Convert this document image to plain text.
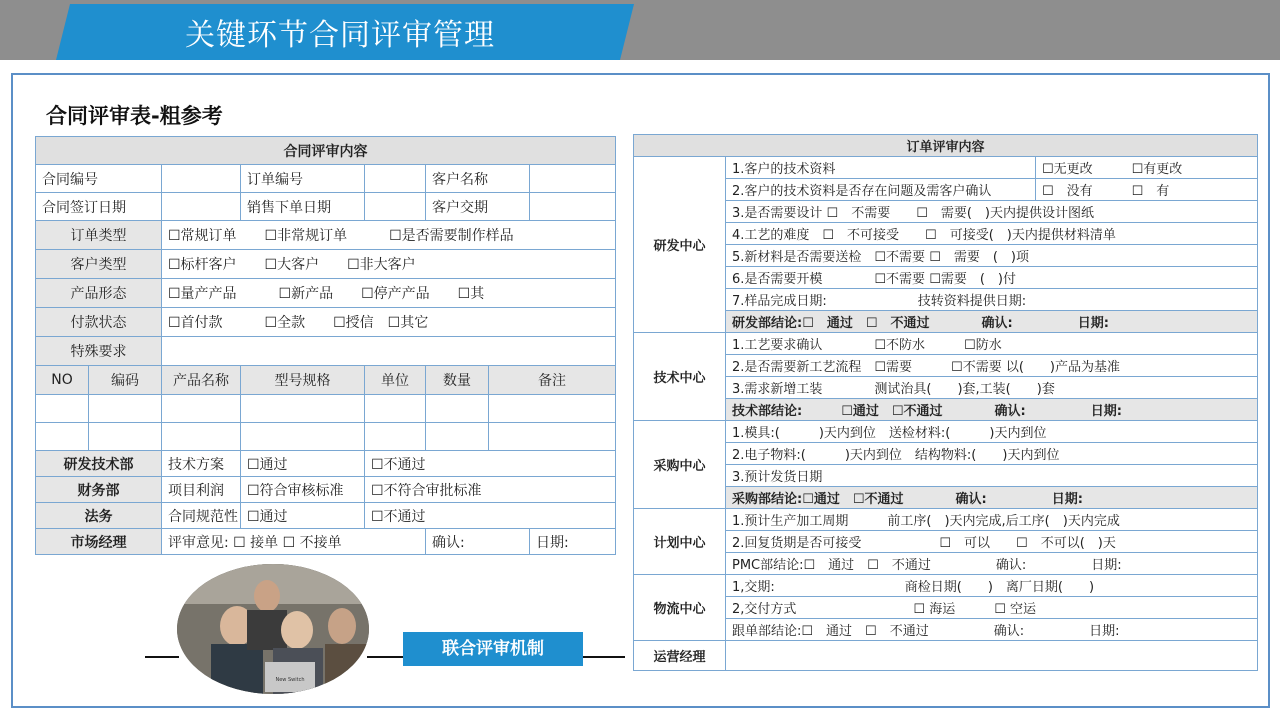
关键环节合同评审管理
合同评审表-粗参考
合同评审内容							
合同编号			订单编号		客户名称		
合同签订日期			销售下单日期		客户交期		
订单类型		☐常规订单　　☐非常规订单　　　☐是否需要制作样品					
客户类型		☐标杆客户　　☐大客户　　☐非大客户					
产品形态		☐量产产品　　　☐新产品　　☐停产产品　　☐其					
付款状态		☐首付款　　　☐全款　　☐授信　☐其它					
特殊要求							
NO	编码	产品名称	型号规格	单位	数量	备注	

研发技术部		技术方案	☐通过	☐不通过			
财务部		项目利润	☐符合审核标准	☐不符合审批标准			
法务		合同规范性	☐通过	☐不通过			
市场经理		评审意见: ☐ 接单 ☐ 不接单			确认:		日期:
订单评审内容		
研发中心	1.客户的技术资料	☐无更改　　　☐有更改
	2.客户的技术资料是否存在问题及需客户确认	☐　没有　　　☐　有
	3.是否需要设计 ☐　不需要　　☐　需要(　)天内提供设计图纸	
	4.工艺的难度　☐　不可接受　　☐　可接受(　)天内提供材料清单	
	5.新材料是否需要送检　☐不需要 ☐　需要　(　)项	
	6.是否需要开模　　　　☐不需要 ☐需要　(　)付	
	7.样品完成日期:　　　　　　　技转资料提供日期:	
	研发部结论:☐　通过　☐　不通过　　　　确认:　　　　　日期:	
技术中心	1.工艺要求确认　　　　☐不防水　　　☐防水	
	2.是否需要新工艺流程　☐需要　　　☐不需要 以(　　)产品为基准	
	3.需求新增工装　　　　测试治具(　　)套,工装(　　)套	
	技术部结论:　　　☐通过　☐不通过　　　　确认:　　　　　日期:	
采购中心	1.模具:(　　　)天内到位　送检材料:(　　　)天内到位	
	2.电子物料:(　　　)天内到位　结构物料:(　　)天内到位	
	3.预计发货日期	
	采购部结论:☐通过　☐不通过　　　　确认:　　　　　日期:	
计划中心	1.预计生产加工周期　　　前工序(　)天内完成,后工序(　)天内完成	
	2.回复货期是否可接受　　　　　　☐　可以　　☐　不可以(　)天	
	PMC部结论:☐　通过　☐　不通过　　　　　确认:　　　　　日期:	
物流中心	1,交期:　　　　　　　　　　商检日期(　　)　离厂日期(　　)	
	2,交付方式　　　　　　　　　☐ 海运　　　☐ 空运	
	跟单部结论:☐　通过　☐　不通过　　　　　确认:　　　　　日期:	
运营经理		
New Switch
联合评审机制
